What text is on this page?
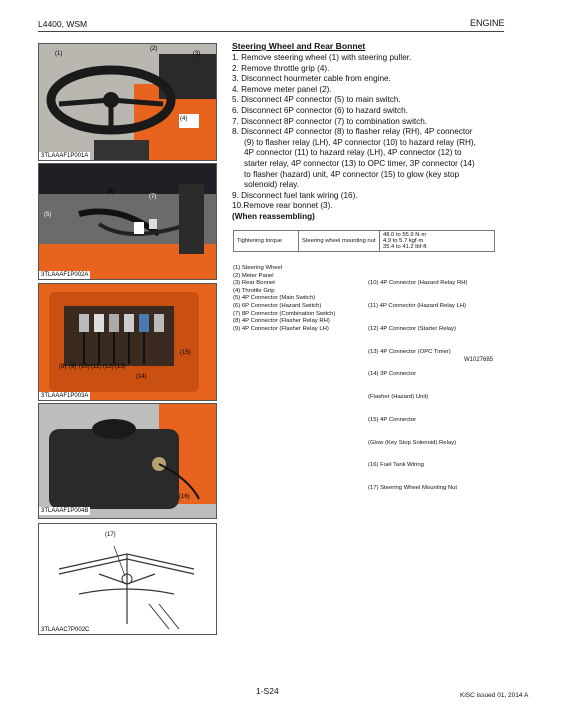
L4400, WSM	ENGINE
(1)
(2)
(3)
(4)
3TLAAAF1P001A
(5)
(6)
(7)
3TLAAAF1P002A
(8) (9) (10) (11) (12) (13)
(14)
(15)
3TLAAAF1P003A
(16)
3TLAAAF1P004B
(17)
3TLAAAC7P002C
Steering Wheel and Rear Bonnet
1. Remove steering wheel (1) with steering puller.
2. Remove throttle grip (4).
3. Disconnect hourmeter cable from engine.
4. Remove meter panel (2).
5. Disconnect 4P connector (5) to main switch.
6. Disconnect 6P connector (6) to hazard switch.
7. Disconnect 8P connector (7) to combination switch.
8. Disconnect 4P connector (8) to flasher relay (RH), 4P connector
(9) to flasher relay (LH), 4P connector (10) to hazard relay (RH),
4P connector (11) to hazard relay (LH), 4P connector (12) to
starter relay, 4P connector (13) to OPC timer, 3P connector (14)
to flasher (hazard) unit, 4P connector (15) to glow (key stop
solenoid) relay.
9. Disconnect fuel tank wiring (16).
10.Remove rear bonnet (3).
(When reassembling)
Tightening torque	Steering wheel mounting nut	
48.0 to 55.9 N·m
4.9 to 5.7 kgf·m
35.4 to 41.2 lbf·ft
(1) Steering Wheel
(2) Meter Panel
(3) Rear Bonnet
(4) Throttle Grip
(5) 4P Connector (Main Switch)
(6) 6P Connector (Hazard Switch)
(7) 8P Connector (Combination Switch)
(8) 4P Connector (Flasher Relay RH)
(9) 4P Connector (Flasher Relay LH)

(10) 4P Connector (Hazard Relay RH)

(11) 4P Connector (Hazard Relay LH)

(12) 4P Connector (Starter Relay)

(13) 4P Connector (OPC Timer)

(14) 3P Connector

(Flasher (Hazard) Unit)

(15) 4P Connector

(Glow (Key Stop Solenoid) Relay)

(16) Fuel Tank Wiring

(17) Steering Wheel Mounting Nut

W1027685
1-S24	KiSC issued 01, 2014 A
